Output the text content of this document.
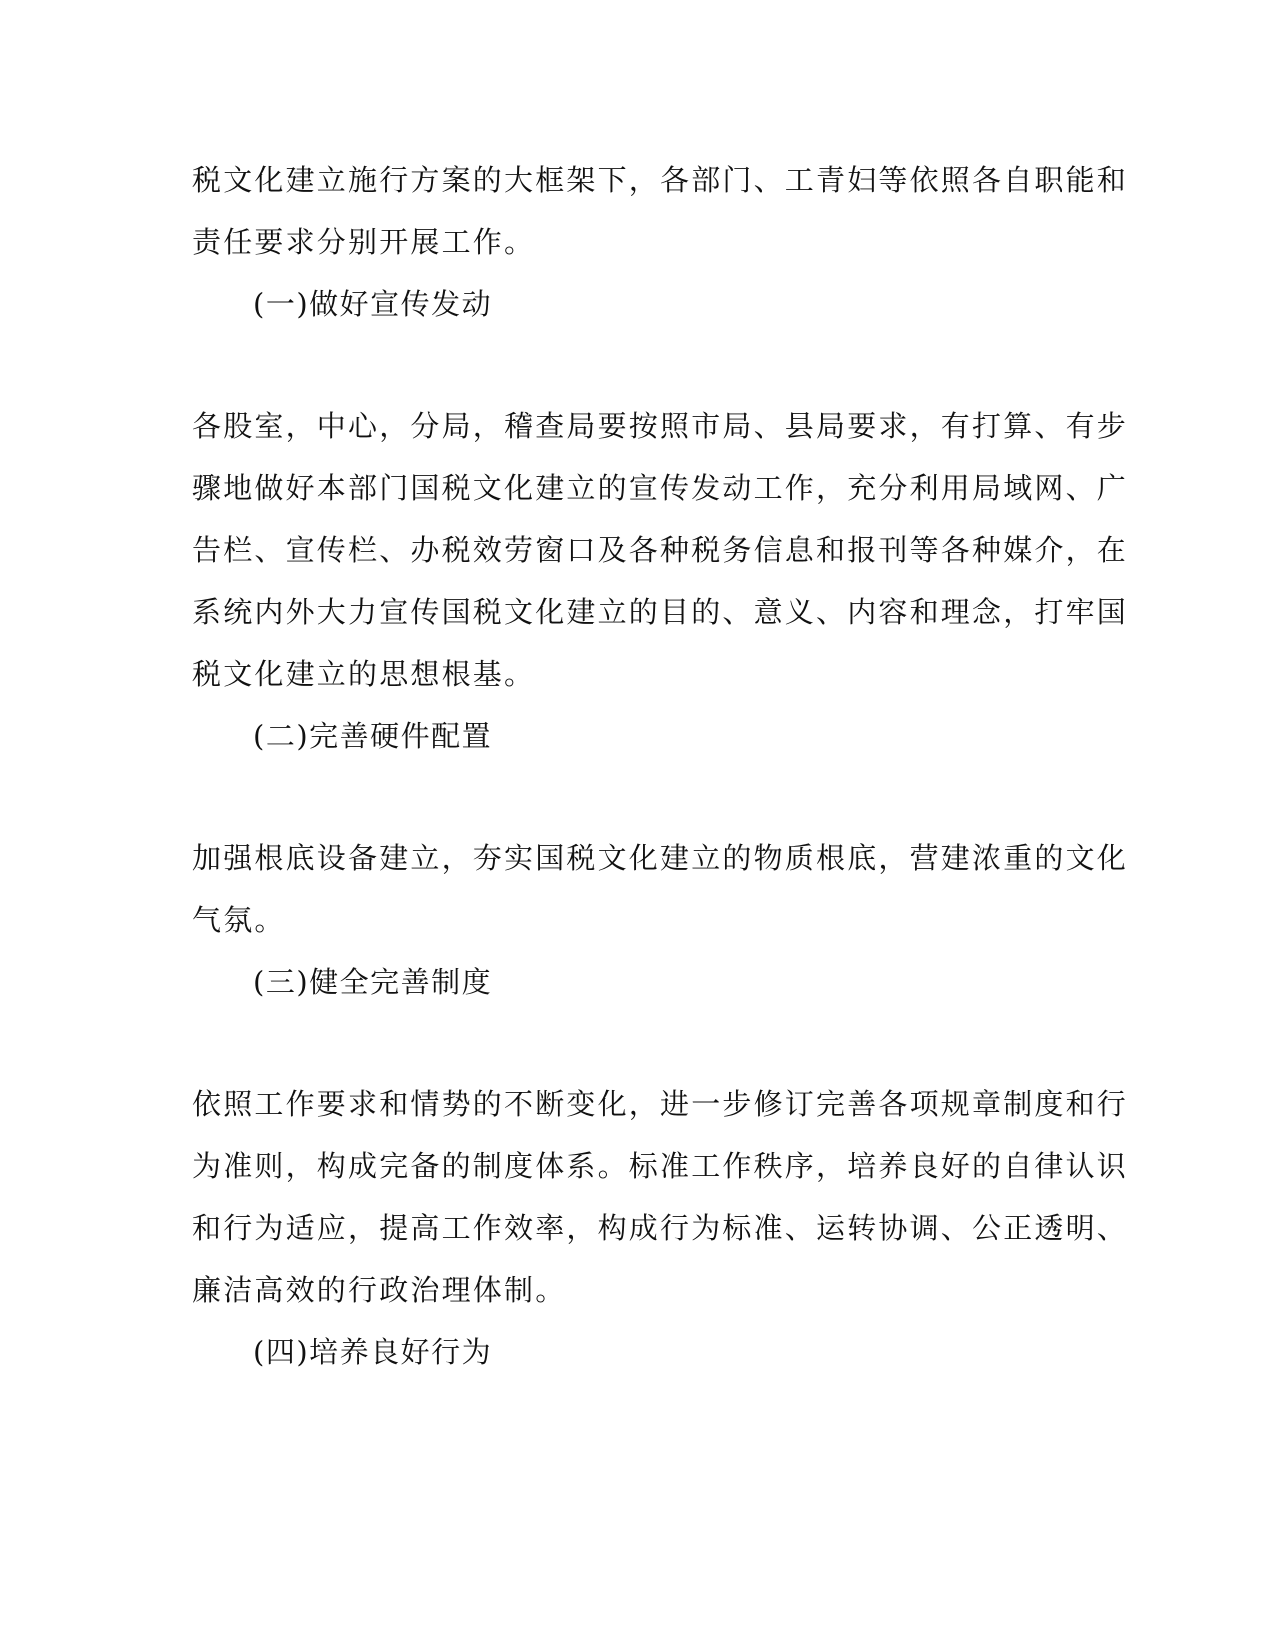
税文化建立施行方案的大框架下，各部门、工青妇等依照各自职能和
责任要求分别开展工作。
(一)做好宣传发动
各股室，中心，分局，稽查局要按照市局、县局要求，有打算、有步
骤地做好本部门国税文化建立的宣传发动工作，充分利用局域网、广
告栏、宣传栏、办税效劳窗口及各种税务信息和报刊等各种媒介，在
系统内外大力宣传国税文化建立的目的、意义、内容和理念，打牢国
税文化建立的思想根基。
(二)完善硬件配置
加强根底设备建立，夯实国税文化建立的物质根底，营建浓重的文化
气氛。
(三)健全完善制度
依照工作要求和情势的不断变化，进一步修订完善各项规章制度和行
为准则，构成完备的制度体系。标准工作秩序，培养良好的自律认识
和行为适应，提高工作效率，构成行为标准、运转协调、公正透明、
廉洁高效的行政治理体制。
(四)培养良好行为
